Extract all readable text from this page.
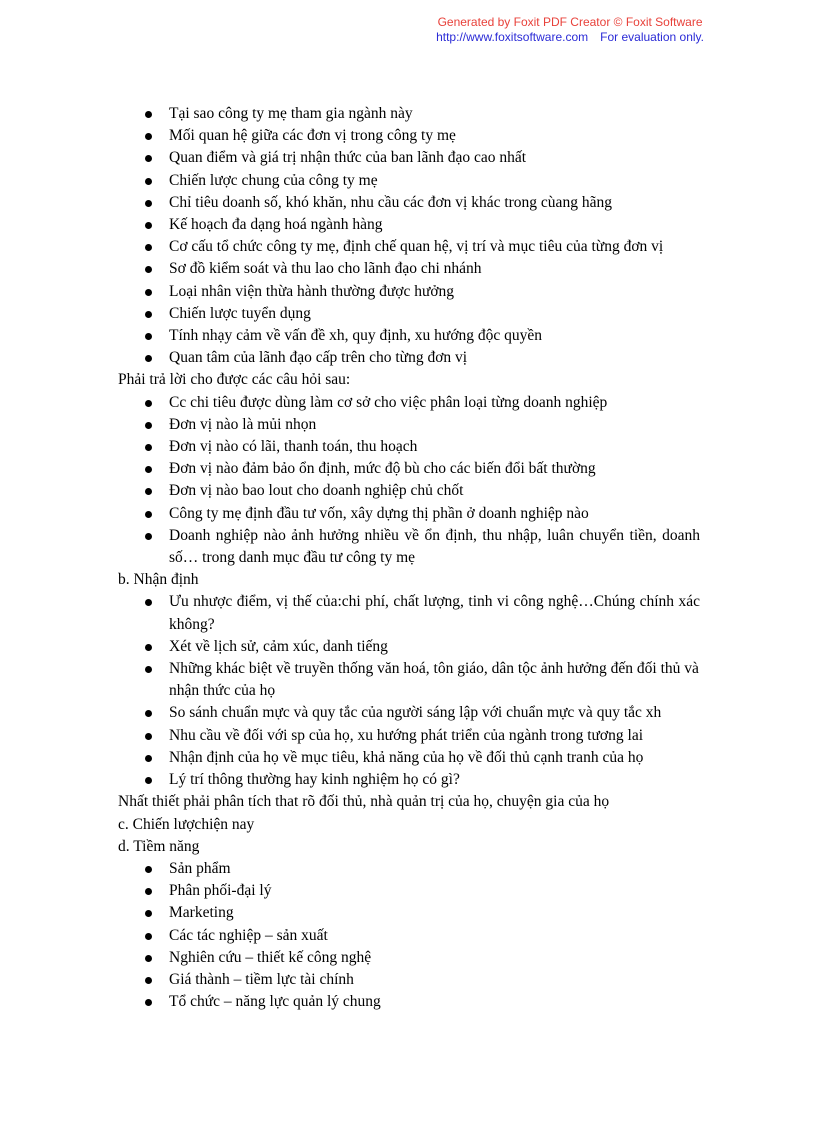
Generated by Foxit PDF Creator © Foxit Software
http://www.foxitsoftware.com For evaluation only.
Tại sao công ty mẹ tham gia ngành này
Mối quan hệ giữa các đơn vị trong công ty mẹ
Quan điểm và giá trị nhận thức của ban lãnh đạo cao nhất
Chiến lược chung của công ty mẹ
Chỉ tiêu doanh số, khó khăn, nhu cầu các đơn vị khác trong cùang hãng
Kế hoạch đa dạng hoá ngành hàng
Cơ cấu tổ chức công ty mẹ, định chế quan hệ, vị trí và mục tiêu của từng đơn vị
Sơ đồ kiểm soát và thu lao cho lãnh đạo chi nhánh
Loại nhân viện thừa hành thường được hưởng
Chiến lược tuyển dụng
Tính nhạy cảm về vấn đề xh, quy định, xu hướng độc quyền
Quan tâm của lãnh đạo cấp trên cho từng đơn vị

Phải trả lời cho được các câu hỏi sau:

Cc chi tiêu được dùng làm cơ sở cho việc phân loại từng doanh nghiệp
Đơn vị nào là mủi nhọn
Đơn vị nào có lãi, thanh toán, thu hoạch
Đơn vị nào đảm bảo ổn định, mức độ bù cho các biến đổi bất thường
Đơn vị nào bao lout cho doanh nghiệp chủ chốt
Công ty mẹ định đầu tư vốn, xây dựng thị phần ở doanh nghiệp nào
Doanh nghiệp nào ảnh hưởng nhiều về ổn định, thu nhập, luân chuyển tiền, doanh số… trong danh mục đầu tư công ty mẹ

b. Nhận định

Ưu nhược điểm, vị thế của:chi phí, chất lượng, tinh vi công nghệ…Chúng chính xác không?
Xét về lịch sử, cảm xúc, danh tiếng
Những khác biệt về truyền thống văn hoá, tôn giáo, dân tộc ảnh hưởng đến đối thủ và nhận thức của họ
So sánh chuẩn mực và quy tắc của người sáng lập với chuẩn mực và quy tắc xh
Nhu cầu về đối với sp của họ, xu hướng phát triển của ngành trong tương lai
Nhận định của họ về mục tiêu, khả năng của họ về đối thủ cạnh tranh của họ
Lý trí thông thường hay kinh nghiệm họ có gì?

Nhất thiết phải phân tích that rõ đối thủ, nhà quản trị của họ, chuyện gia của họ

c. Chiến lượchiện nay

d. Tiềm năng

Sản phẩm
Phân phối-đại lý
Marketing
Các tác nghiệp – sản xuất
Nghiên cứu – thiết kế công nghệ
Giá thành – tiềm lực tài chính
Tổ chức – năng lực quản lý chung
